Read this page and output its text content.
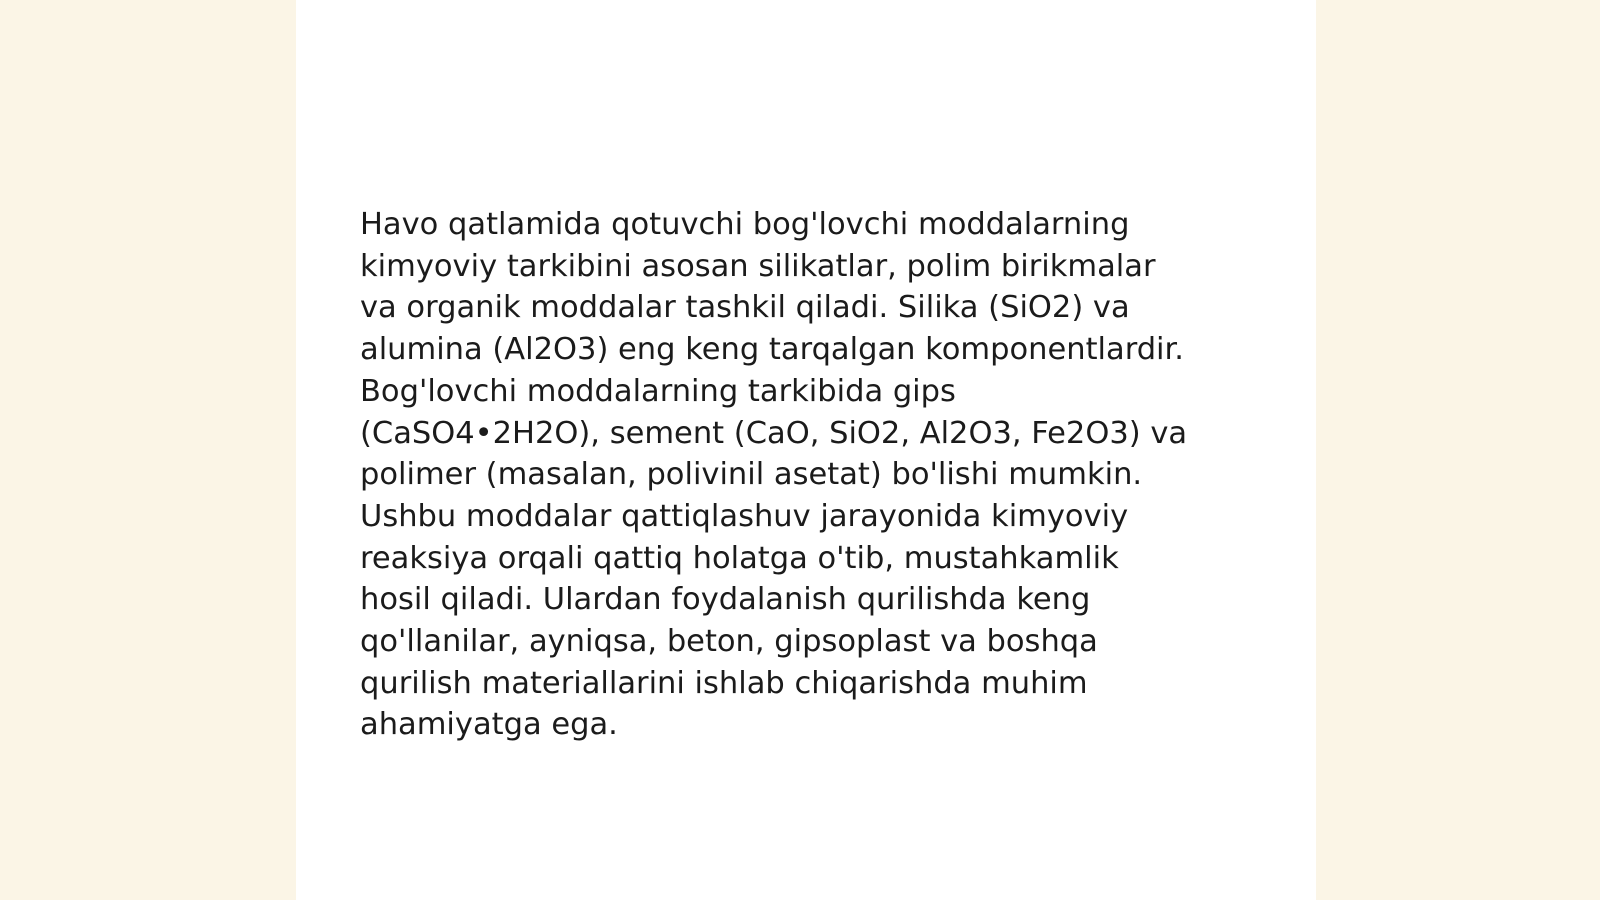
Havo qatlamida qotuvchi bog'lovchi moddalarning
kimyoviy tarkibini asosan silikatlar, polim birikmalar
va organik moddalar tashkil qiladi. Silika (SiO2) va
alumina (Al2O3) eng keng tarqalgan komponentlardir.
Bog'lovchi moddalarning tarkibida gips
(CaSO4•2H2O), sement (CaO, SiO2, Al2O3, Fe2O3) va
polimer (masalan, polivinil asetat) bo'lishi mumkin.
Ushbu moddalar qattiqlashuv jarayonida kimyoviy
reaksiya orqali qattiq holatga o'tib, mustahkamlik
hosil qiladi. Ulardan foydalanish qurilishda keng
qo'llanilar, ayniqsa, beton, gipsoplast va boshqa
qurilish materiallarini ishlab chiqarishda muhim
ahamiyatga ega.
